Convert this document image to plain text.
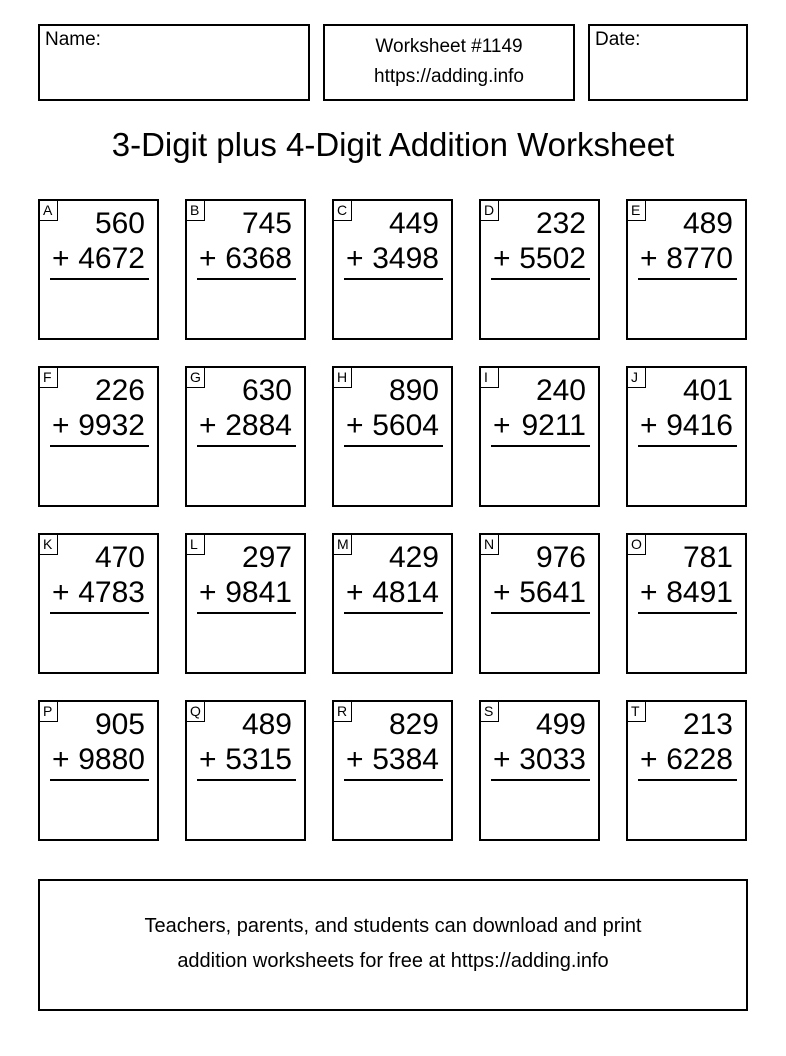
Name:	Worksheet #1149
https://adding.info
Date:
3-Digit plus 4-Digit Addition Worksheet
A 560
+ 4672
B 745
+ 6368
C 449
+ 3498
D 232
+ 5502
E 489
+ 8770
F 226
+ 9932
G 630
+ 2884
H 890
+ 5604
I	240
+ 9211
J 401
+ 9416
K 470
+ 4783
L 297
+ 9841
M 429
+ 4814
N 976
+ 5641
O 781
+ 8491
P 905
+ 9880
Q 489
+ 5315
R 829
+ 5384
S 499
+ 3033
T 213
+ 6228
Teachers, parents, and students can download and print
addition worksheets for free at https://adding.info
